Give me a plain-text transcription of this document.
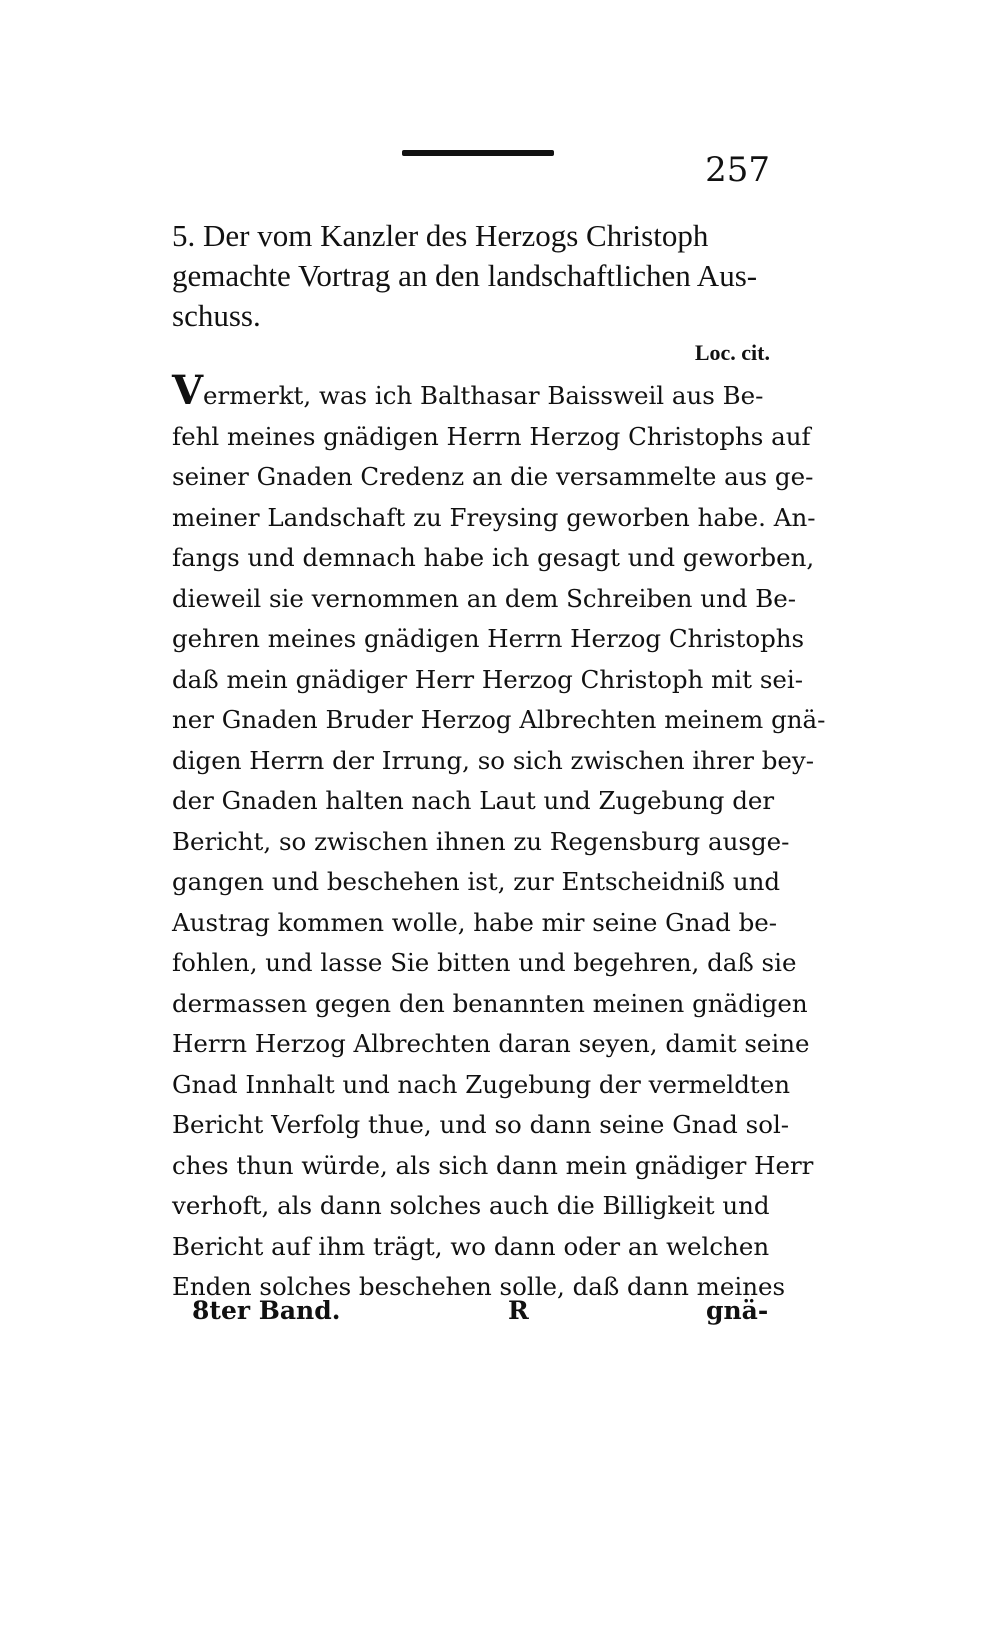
257
5. Der vom Kanzler des Herzogs Christoph
gemachte Vortrag an den landschaftlichen Aus-
schuss.
Loc. cit.
Vermerkt, was ich Balthasar Baissweil aus Be-
fehl meines gnädigen Herrn Herzog Christophs auf
seiner Gnaden Credenz an die versammelte aus ge-
meiner Landschaft zu Freysing geworben habe. An-
fangs und demnach habe ich gesagt und geworben,
dieweil sie vernommen an dem Schreiben und Be-
gehren meines gnädigen Herrn Herzog Christophs
daß mein gnädiger Herr Herzog Christoph mit sei-
ner Gnaden Bruder Herzog Albrechten meinem gnä-
digen Herrn der Irrung, so sich zwischen ihrer bey-
der Gnaden halten nach Laut und Zugebung der
Bericht, so zwischen ihnen zu Regensburg ausge-
gangen und beschehen ist, zur Entscheidniß und
Austrag kommen wolle, habe mir seine Gnad be-
fohlen, und lasse Sie bitten und begehren, daß sie
dermassen gegen den benannten meinen gnädigen
Herrn Herzog Albrechten daran seyen, damit seine
Gnad Innhalt und nach Zugebung der vermeldten
Bericht Verfolg thue, und so dann seine Gnad sol-
ches thun würde, als sich dann mein gnädiger Herr
verhoft, als dann solches auch die Billigkeit und
Bericht auf ihm trägt, wo dann oder an welchen
Enden solches beschehen solle, daß dann meines
8ter Band.	R	gnä-
